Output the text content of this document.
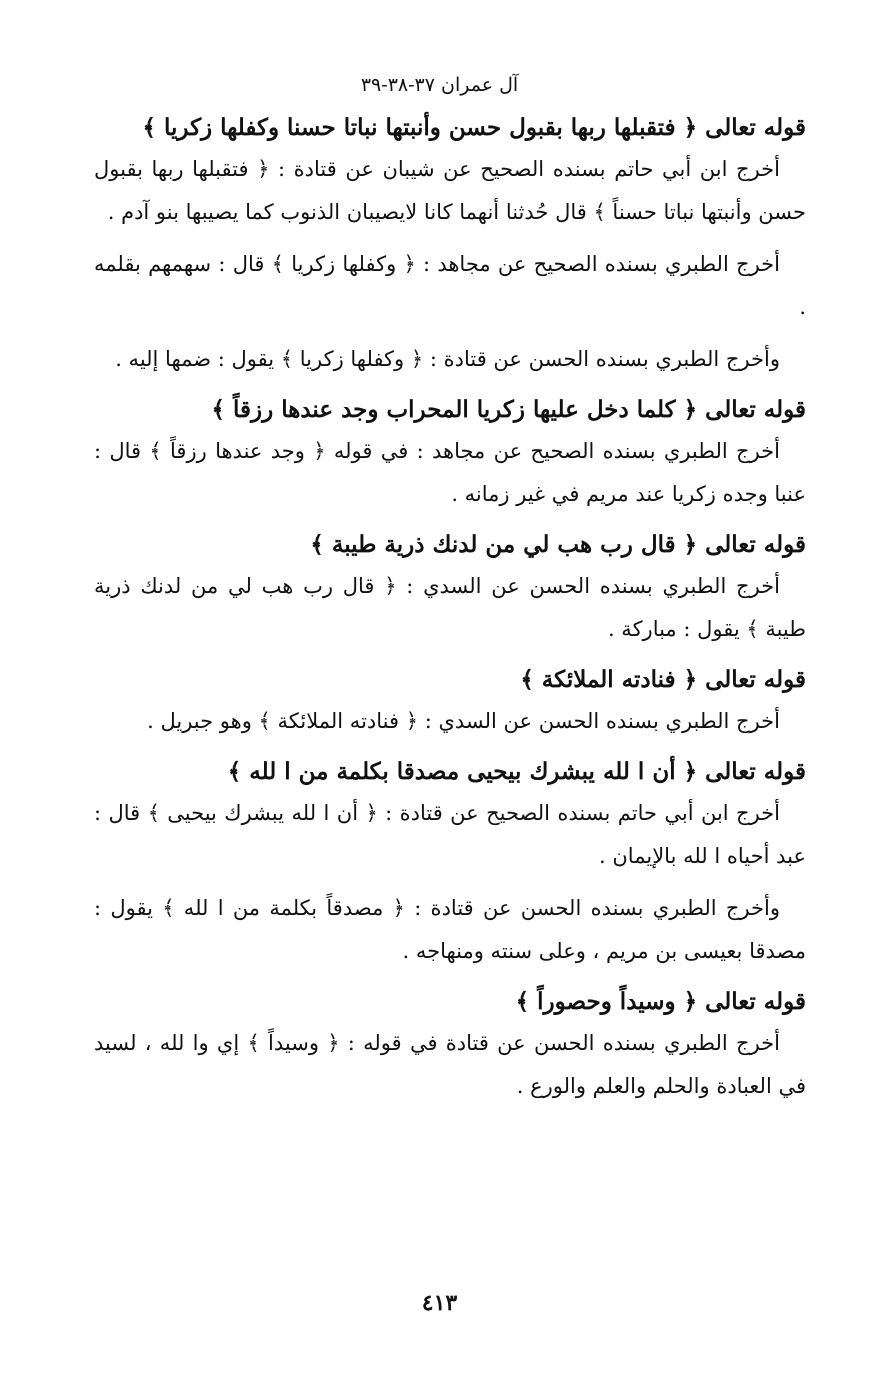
آل عمران ٣٧-٣٨-٣٩
قوله تعالى ﴿ فتقبلها ربها بقبول حسن وأنبتها نباتا حسنا وكفلها زكريا ﴾

أخرج ابن أبي حاتم بسنده الصحيح عن شيبان عن قتادة : ﴿ فتقبلها ربها بقبول حسن وأنبتها نباتا حسناً ﴾ قال حُدثنا أنهما كانا لايصيبان الذنوب كما يصيبها بنو آدم .

أخرج الطبري بسنده الصحيح عن مجاهد : ﴿ وكفلها زكريا ﴾ قال : سهمهم بقلمه .

وأخرج الطبري بسنده الحسن عن قتادة : ﴿ وكفلها زكريا ﴾ يقول : ضمها إليه .

قوله تعالى ﴿ كلما دخل عليها زكريا المحراب وجد عندها رزقاً ﴾

أخرج الطبري بسنده الصحيح عن مجاهد : في قوله ﴿ وجد عندها رزقاً ﴾ قال : عنبا وجده زكريا عند مريم في غير زمانه .

قوله تعالى ﴿ قال رب هب لي من لدنك ذرية طيبة ﴾

أخرج الطبري بسنده الحسن عن السدي : ﴿ قال رب هب لي من لدنك ذرية طيبة ﴾ يقول : مباركة .

قوله تعالى ﴿ فنادته الملائكة ﴾

أخرج الطبري بسنده الحسن عن السدي : ﴿ فنادته الملائكة ﴾ وهو جبريل .

قوله تعالى ﴿ أن ا لله يبشرك بيحيى مصدقا بكلمة من ا لله ﴾

أخرج ابن أبي حاتم بسنده الصحيح عن قتادة : ﴿ أن ا لله يبشرك بيحيى ﴾ قال : عبد أحياه ا لله بالإيمان .

وأخرج الطبري بسنده الحسن عن قتادة : ﴿ مصدقاً بكلمة من ا لله ﴾ يقول : مصدقا بعيسى بن مريم ، وعلى سنته ومنهاجه .

قوله تعالى ﴿ وسيداً وحصوراً ﴾

أخرج الطبري بسنده الحسن عن قتادة في قوله : ﴿ وسيداً ﴾ إي وا لله ، لسيد في العبادة والحلم والعلم والورع .

٤١٣
